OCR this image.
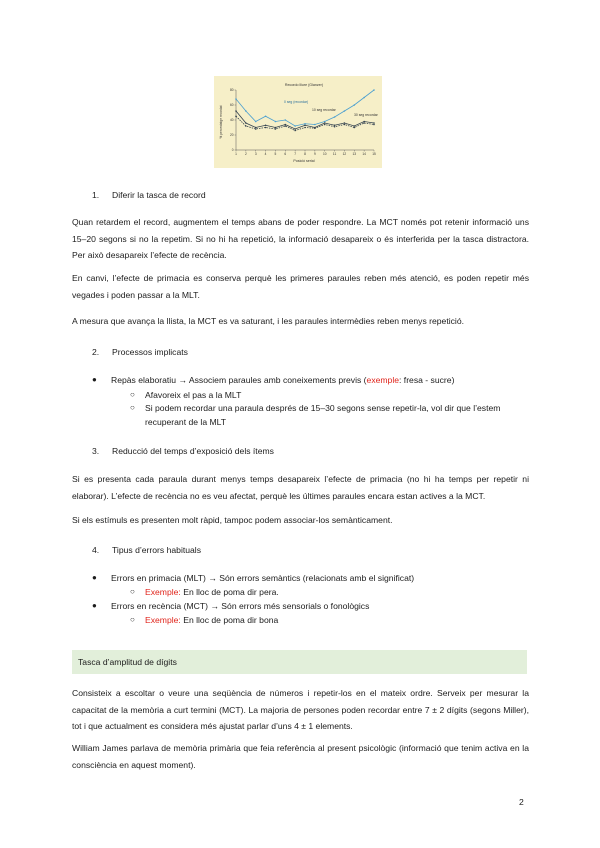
Recordo lliure (Glanzer)
% percentatge recordat
Posició serial
0 seg (recordar)
10 seg recordar
30 seg recordar
0
20
40
60
80
1	2	3	4	5	6	7	8	9 10 11 12 13 14 15

1. Diferir la tasca de record

Quan retardem el record, augmentem el temps abans de poder respondre. La MCT només pot retenir informació uns 15–20 segons si no la repetim. Si no hi ha repetició, la informació desapareix o és interferida per la tasca distractora. Per això desapareix l’efecte de recència.

En canvi, l’efecte de primacia es conserva perquè les primeres paraules reben més atenció, es poden repetir més vegades i poden passar a la MLT.

A mesura que avança la llista, la MCT es va saturant, i les paraules intermèdies reben menys repetició.

2. Processos implicats

● Repàs elaboratiu → Associem paraules amb coneixements previs (exemple: fresa - sucre)
○ Afavoreix el pas a la MLT
○ Si podem recordar una paraula després de 15–30 segons sense repetir-la, vol dir que l’estem recuperant de la MLT

3. Reducció del temps d’exposició dels ítems

Si es presenta cada paraula durant menys temps desapareix l’efecte de primacia (no hi ha temps per repetir ni elaborar). L’efecte de recència no es veu afectat, perquè les últimes paraules encara estan actives a la MCT.

Si els estímuls es presenten molt ràpid, tampoc podem associar-los semànticament.

4. Tipus d’errors habituals

● Errors en primacia (MLT) → Són errors semàntics (relacionats amb el significat)
○ Exemple: En lloc de poma dir pera.
● Errors en recència (MCT) → Són errors més sensorials o fonològics
○ Exemple: En lloc de poma dir bona
Tasca d’amplitud de dígits

Consisteix a escoltar o veure una seqüència de números i repetir-los en el mateix ordre. Serveix per mesurar la capacitat de la memòria a curt termini (MCT). La majoria de persones poden recordar entre 7 ± 2 dígits (segons Miller), tot i que actualment es considera més ajustat parlar d’uns 4 ± 1 elements.

William James parlava de memòria primària que feia referència al present psicològic (informació que tenim activa en la consciència en aquest moment).

2
